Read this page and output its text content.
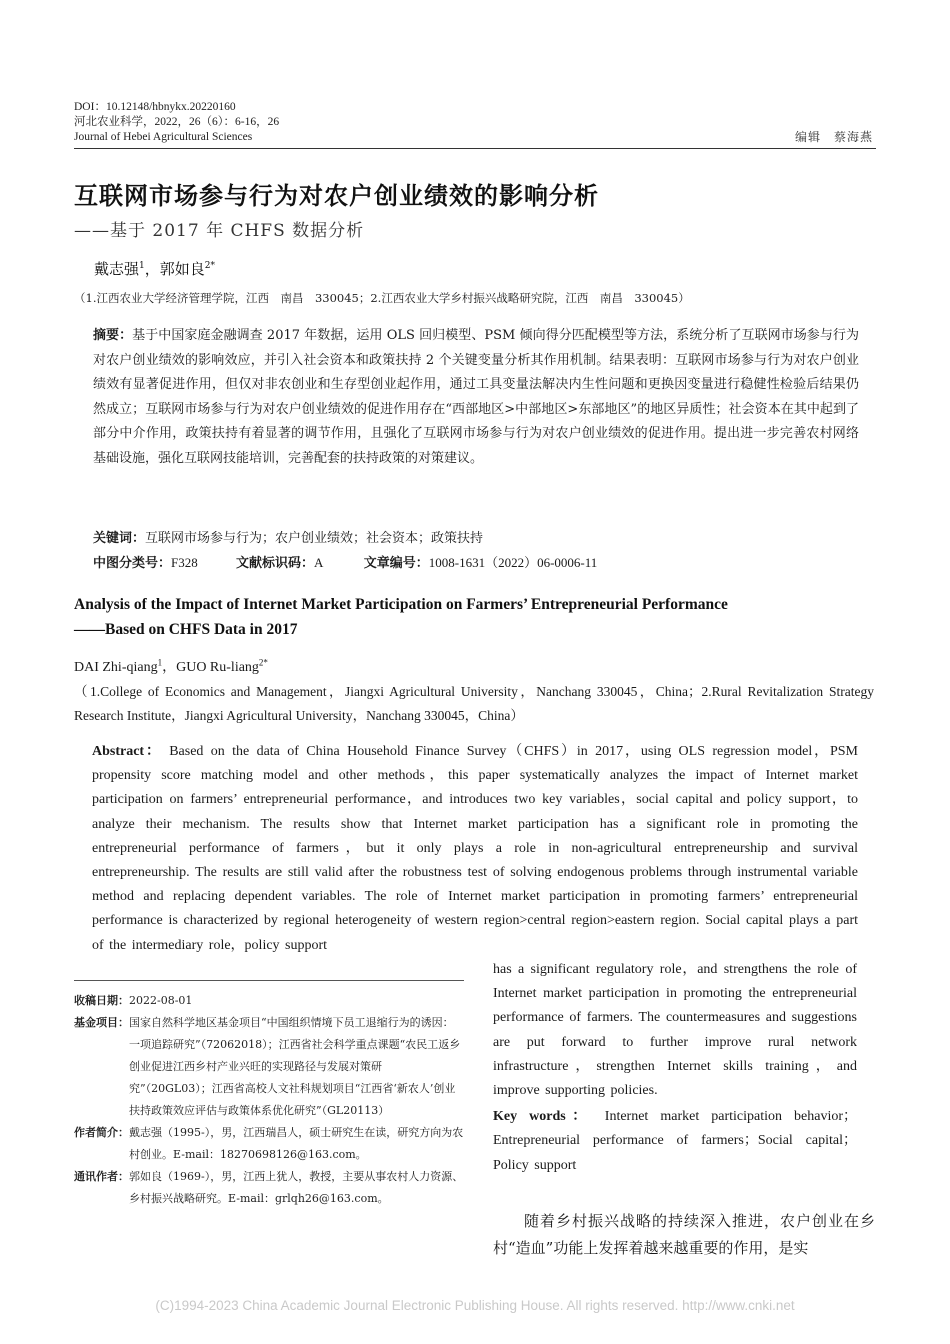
DOI：10.12148/hbnykx.20220160
河北农业科学，2022，26（6）：6-16，26
Journal of Hebei Agricultural Sciences	编辑　蔡海燕
互联网市场参与行为对农户创业绩效的影响分析
——基于 2017 年 CHFS 数据分析
戴志强$^1$，郭如良$^{2*}$
（1.江西农业大学经济管理学院，江西　南昌　330045；2.江西农业大学乡村振兴战略研究院，江西　南昌　330045）
摘要：基于中国家庭金融调查 2017 年数据，运用 OLS 回归模型、PSM 倾向得分匹配模型等方法，系统分析了互联网市场参与行为对农户创业绩效的影响效应，并引入社会资本和政策扶持 2 个关键变量分析其作用机制。结果表明：互联网市场参与行为对农户创业绩效有显著促进作用，但仅对非农创业和生存型创业起作用，通过工具变量法解决内生性问题和更换因变量进行稳健性检验后结果仍然成立；互联网市场参与行为对农户创业绩效的促进作用存在“西部地区>中部地区>东部地区”的地区异质性；社会资本在其中起到了部分中介作用，政策扶持有着显著的调节作用，且强化了互联网市场参与行为对农户创业绩效的促进作用。提出进一步完善农村网络基础设施，强化互联网技能培训，完善配套的扶持政策的对策建议。
关键词：互联网市场参与行为；农户创业绩效；社会资本；政策扶持
中图分类号：F328	文献标识码：A	文章编号：1008-1631（2022）06-0006-11
Analysis of the Impact of Internet Market Participation on Farmers’ Entrepreneurial Performance
——Based on CHFS Data in 2017
DAI Zhi-qiang$^1$，GUO Ru-liang$^{2*}$
（1.College of Economics and Management，Jiangxi Agricultural University，Nanchang 330045，China；2.Rural Revitalization Strategy Research Institute，Jiangxi Agricultural University，Nanchang 330045，China）
Abstract： Based on the data of China Household Finance Survey（CHFS）in 2017，using OLS regression model，PSM propensity score matching model and other methods，this paper systematically analyzes the impact of Internet market participation on farmers’ entrepreneurial performance，and introduces two key variables，social capital and policy support，to analyze their mechanism. The results show that Internet market participation has a significant role in promoting the entrepreneurial performance of farmers，but it only plays a role in non-agricultural entrepreneurship and survival entrepreneurship. The results are still valid after the robustness test of solving endogenous problems through instrumental variable method and replacing dependent variables. The role of Internet market participation in promoting farmers’ entrepreneurial performance is characterized by regional heterogeneity of western region>central region>eastern region. Social capital plays a part of the intermediary role，policy support
has a significant regulatory role，and strengthens the role of Internet market participation in promoting the entrepreneurial performance of farmers. The countermeasures and suggestions are put forward to further improve rural network infrastructure，strengthen Internet skills training，and improve supporting policies.
Key words： Internet market participation behavior；Entrepreneurial performance of farmers；Social capital；Policy support
收稿日期： 2022-08-01
基金项目： 国家自然科学地区基金项目“中国组织情境下员工退缩行为的诱因：一项追踪研究”（72062018）；江西省社会科学重点课题“农民工返乡创业促进江西乡村产业兴旺的实现路径与发展对策研究”（20GL03）；江西省高校人文社科规划项目“江西省‘新农人’创业扶持政策效应评估与政策体系优化研究”（GL20113）
作者简介： 戴志强（1995-），男，江西瑞昌人，硕士研究生在读，研究方向为农村创业。E-mail：18270698126@163.com。
通讯作者： 郭如良（1969-），男，江西上犹人，教授，主要从事农村人力资源、乡村振兴战略研究。E-mail：grlqh26@163.com。
随着乡村振兴战略的持续深入推进，农户创业在乡村“造血”功能上发挥着越来越重要的作用，是实
(C)1994-2023 China Academic Journal Electronic Publishing House. All rights reserved. http://www.cnki.net
